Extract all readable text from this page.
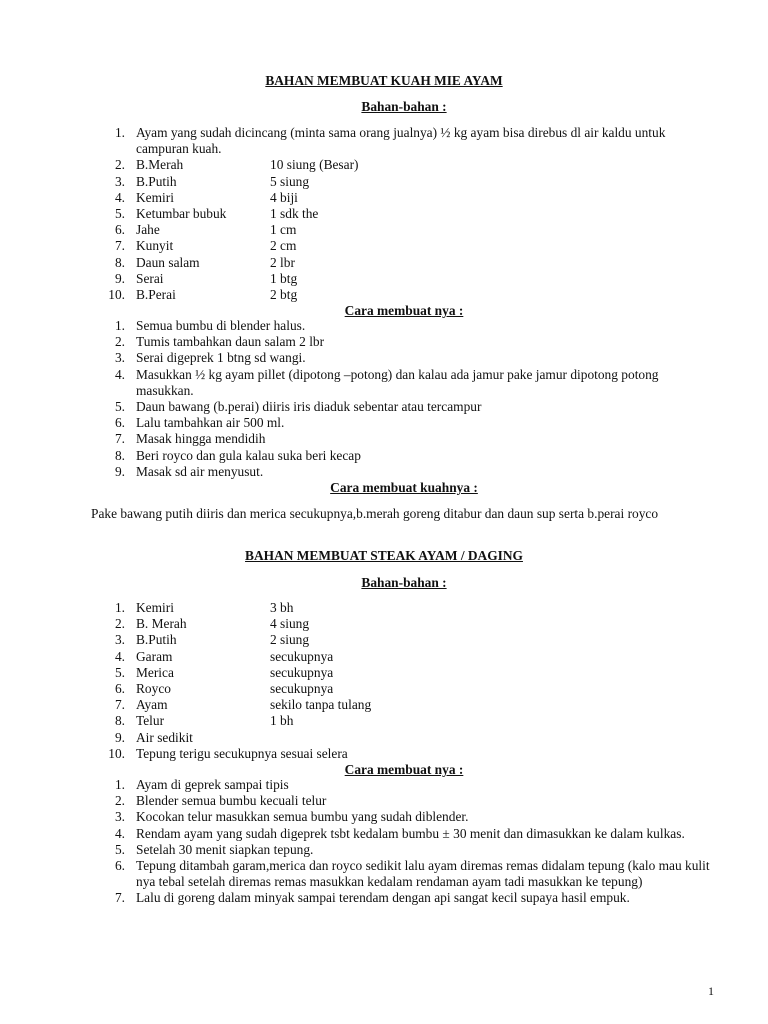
BAHAN MEMBUAT KUAH MIE AYAM
Bahan-bahan :
1. Ayam yang sudah dicincang (minta sama orang jualnya) ½ kg ayam bisa direbus dl air kaldu untuk campuran kuah.
2. B.Merah	10 siung (Besar)
3. B.Putih	5 siung
4. Kemiri	4 biji
5. Ketumbar bubuk	1 sdk the
6. Jahe	1 cm
7. Kunyit	2 cm
8. Daun salam	2 lbr
9. Serai	1 btg
10. B.Perai	2 btg
Cara membuat nya :
1. Semua bumbu di blender halus.
2. Tumis tambahkan daun salam 2 lbr
3. Serai digeprek 1 btng sd wangi.
4. Masukkan ½ kg ayam pillet (dipotong –potong) dan kalau ada jamur pake jamur dipotong potong masukkan.
5. Daun bawang (b.perai) diiris iris diaduk sebentar atau tercampur
6. Lalu tambahkan air 500 ml.
7. Masak hingga mendidih
8. Beri royco dan gula kalau suka beri kecap
9. Masak sd air menyusut.
Cara membuat kuahnya :

Pake bawang putih diiris dan merica secukupnya,b.merah goreng ditabur dan daun sup serta b.perai royco

BAHAN MEMBUAT STEAK AYAM / DAGING
Bahan-bahan :
1. Kemiri	3 bh
2. B. Merah	4 siung
3. B.Putih	2 siung
4. Garam	secukupnya
5. Merica	secukupnya
6. Royco	secukupnya
7. Ayam	sekilo tanpa tulang
8. Telur	1 bh
9. Air sedikit
10. Tepung terigu secukupnya sesuai selera
Cara membuat nya :
1. Ayam di geprek sampai tipis
2. Blender semua bumbu kecuali telur
3. Kocokan telur masukkan semua bumbu yang sudah diblender.
4. Rendam ayam yang sudah digeprek tsbt kedalam bumbu ± 30 menit dan dimasukkan ke dalam kulkas.
5. Setelah 30 menit siapkan tepung.
6. Tepung ditambah garam,merica dan royco sedikit lalu ayam diremas remas didalam tepung (kalo mau kulit nya tebal setelah diremas remas masukkan kedalam rendaman ayam tadi masukkan ke tepung)
7. Lalu di goreng dalam minyak sampai terendam dengan api sangat kecil supaya hasil empuk.
1
